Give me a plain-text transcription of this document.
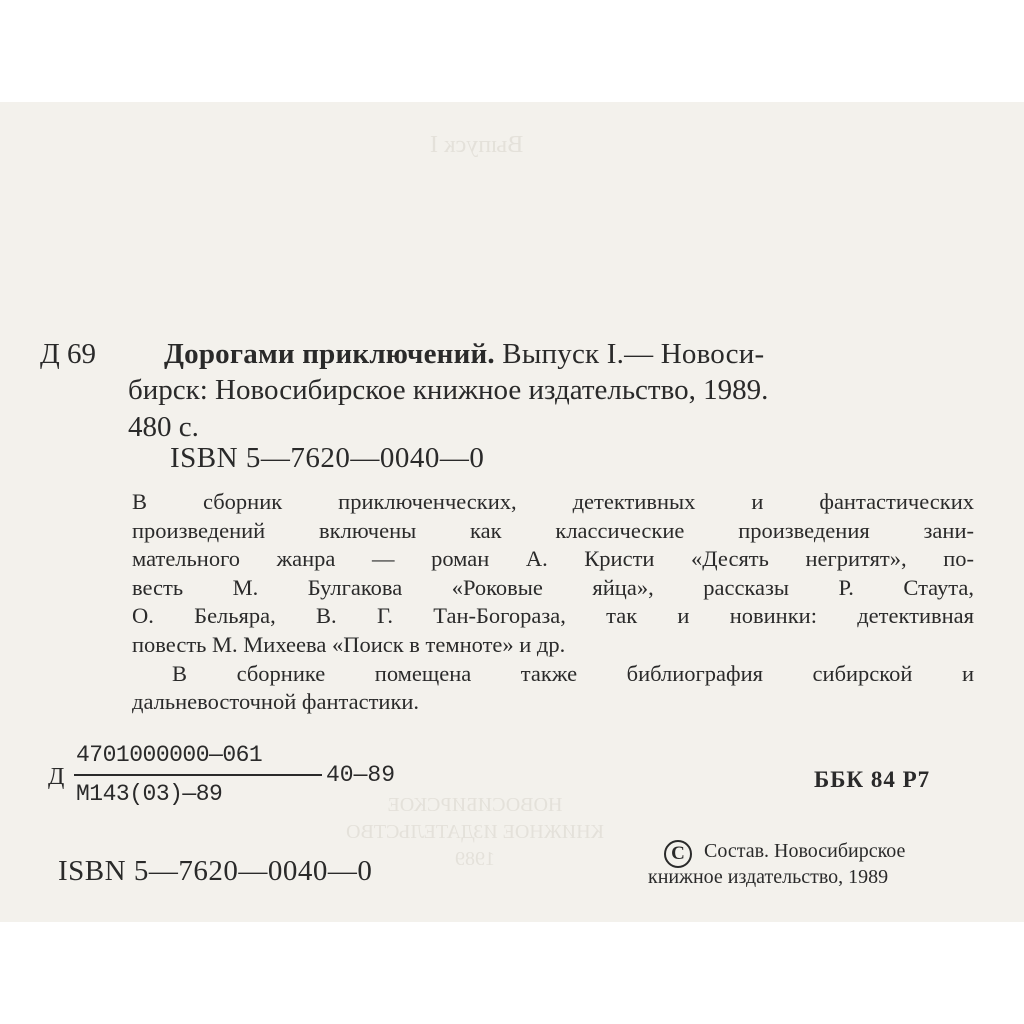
Выпуск I
НОВОСИБИРСКОЕ
КНИЖНОЕ ИЗДАТЕЛЬСТВО
1989
Д 69 Дорогами приключений. Выпуск I.— Новоси-
бирск: Новосибирское книжное издательство, 1989.
480 с.
ISBN 5—7620—0040—0

В сборник приключенческих, детективных и фантастических

произведений включены как классические произведения зани-

мательного жанра — роман А. Кристи «Десять негритят», по-

весть М. Булгакова «Роковые яйца», рассказы Р. Стаута,

О. Бельяра, В. Г. Тан-Богораза, так и новинки: детективная

повесть М. Михеева «Поиск в темноте» и др.

В сборнике помещена также библиография сибирской и

дальневосточной фантастики.

Д
4701000000—061
М143(03)—89
40—89	ББК 84 Р7
ISBN 5—7620—0040—0
C Состав. Новосибирское
книжное издательство, 1989
